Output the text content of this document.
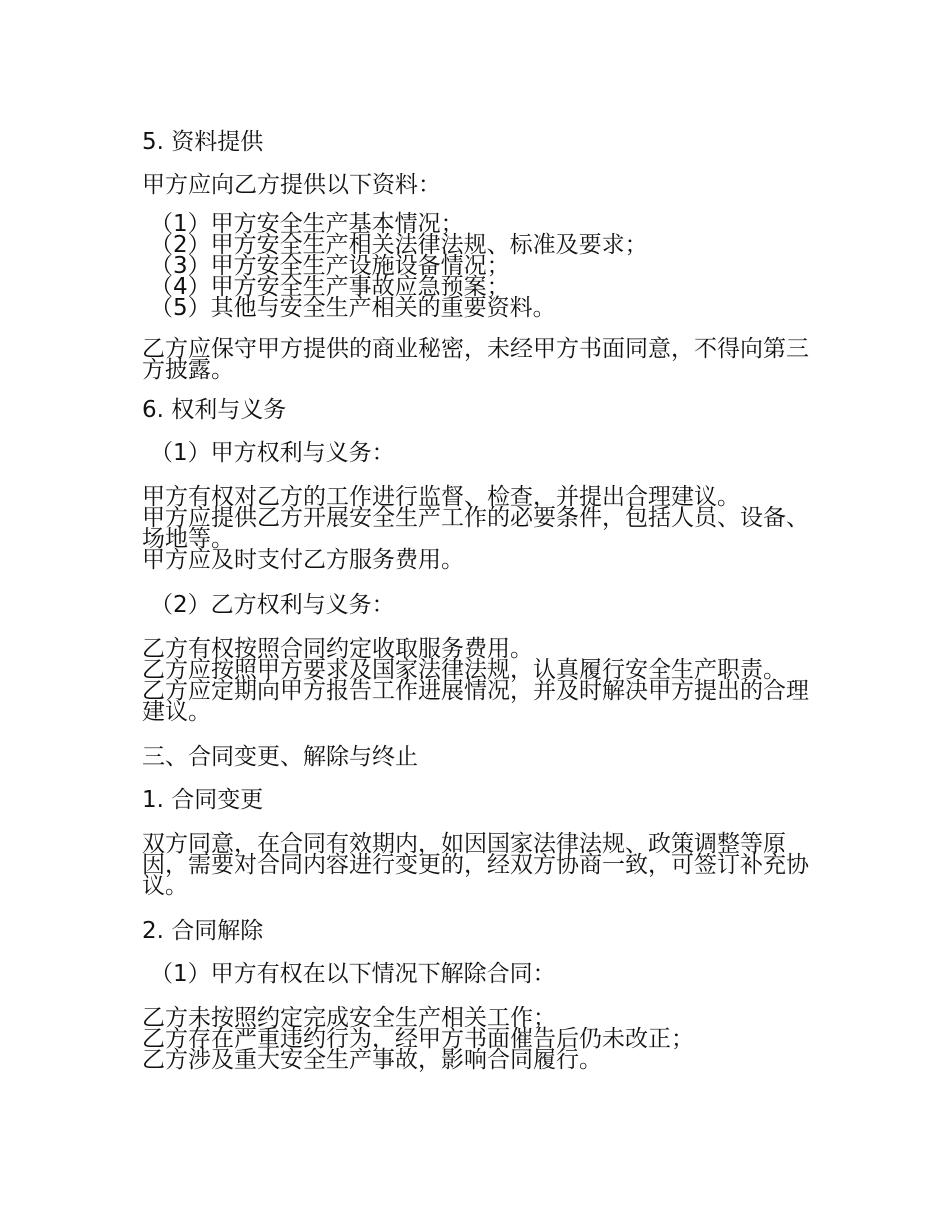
5. 资料提供

甲方应向乙方提供以下资料：

（1）甲方安全生产基本情况；

（2）甲方安全生产相关法律法规、标准及要求；

（3）甲方安全生产设施设备情况；

（4）甲方安全生产事故应急预案；

（5）其他与安全生产相关的重要资料。

乙方应保守甲方提供的商业秘密，未经甲方书面同意，不得向第三方披露。

6. 权利与义务

（1）甲方权利与义务：

甲方有权对乙方的工作进行监督、检查，并提出合理建议。

甲方应提供乙方开展安全生产工作的必要条件，包括人员、设备、场地等。

甲方应及时支付乙方服务费用。

（2）乙方权利与义务：

乙方有权按照合同约定收取服务费用。

乙方应按照甲方要求及国家法律法规，认真履行安全生产职责。

乙方应定期向甲方报告工作进展情况，并及时解决甲方提出的合理建议。

三、合同变更、解除与终止

1. 合同变更

双方同意，在合同有效期内，如因国家法律法规、政策调整等原因，需要对合同内容进行变更的，经双方协商一致，可签订补充协议。

2. 合同解除

（1）甲方有权在以下情况下解除合同：

乙方未按照约定完成安全生产相关工作；

乙方存在严重违约行为，经甲方书面催告后仍未改正；

乙方涉及重大安全生产事故，影响合同履行。
